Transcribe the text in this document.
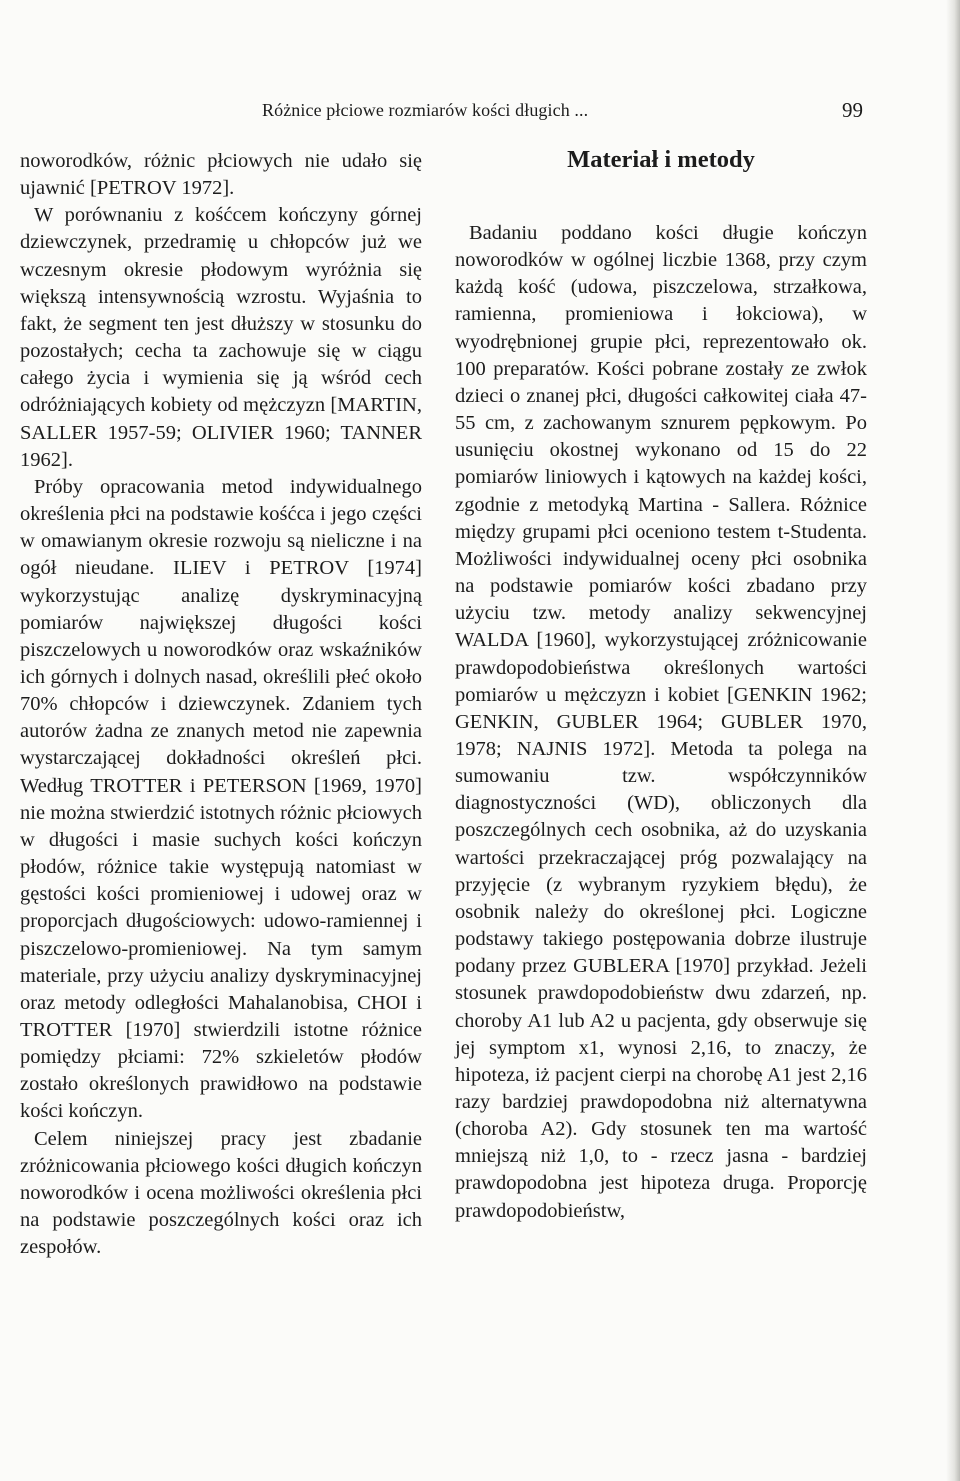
Różnice płciowe rozmiarów kości długich ...	99

noworodków, różnic płciowych nie udało się ujawnić [PETROV 1972].

W porównaniu z kośćcem kończyny górnej dziewczynek, przedramię u chłopców już we wczesnym okresie płodowym wyróżnia się większą intensywnością wzrostu. Wyjaśnia to fakt, że segment ten jest dłuższy w stosunku do pozostałych; cecha ta zachowuje się w ciągu całego życia i wymienia się ją wśród cech odróżniających kobiety od mężczyzn [MARTIN, SALLER 1957-59; OLIVIER 1960; TANNER 1962].

Próby opracowania metod indywidualnego określenia płci na podstawie kośćca i jego części w omawianym okresie rozwoju są nieliczne i na ogół nieudane. ILIEV i PETROV [1974] wykorzystując analizę dyskryminacyjną pomiarów największej długości kości piszczelowych u noworodków oraz wskaźników ich górnych i dolnych nasad, określili płeć około 70% chłopców i dziewczynek. Zdaniem tych autorów żadna ze znanych metod nie zapewnia wystarczającej dokładności określeń płci. Według TROTTER i PETERSON [1969, 1970] nie można stwierdzić istotnych różnic płciowych w długości i masie suchych kości kończyn płodów, różnice takie występują natomiast w gęstości kości promieniowej i udowej oraz w proporcjach długościowych: udowo-ramiennej i piszczelowo-promieniowej. Na tym samym materiale, przy użyciu analizy dyskryminacyjnej oraz metody odległości Mahalanobisa, CHOI i TROTTER [1970] stwierdzili istotne różnice pomiędzy płciami: 72% szkieletów płodów zostało określonych prawidłowo na podstawie kości kończyn.

Celem niniejszej pracy jest zbadanie zróżnicowania płciowego kości długich kończyn noworodków i ocena możliwości określenia płci na podstawie poszczególnych kości oraz ich zespołów.

Materiał i metody

Badaniu poddano kości długie kończyn noworodków w ogólnej liczbie 1368, przy czym każdą kość (udowa, piszczelowa, strzałkowa, ramienna, promieniowa i łokciowa), w wyodrębnionej grupie płci, reprezentowało ok. 100 preparatów. Kości pobrane zostały ze zwłok dzieci o znanej płci, długości całkowitej ciała 47-55 cm, z zachowanym sznurem pępkowym. Po usunięciu okostnej wykonano od 15 do 22 pomiarów liniowych i kątowych na każdej kości, zgodnie z metodyką Martina - Sallera. Różnice między grupami płci oceniono testem t-Studenta. Możliwości indywidualnej oceny płci osobnika na podstawie pomiarów kości zbadano przy użyciu tzw. metody analizy sekwencyjnej WALDA [1960], wykorzystującej zróżnicowanie prawdopodobieństwa określonych wartości pomiarów u mężczyzn i kobiet [GENKIN 1962; GENKIN, GUBLER 1964; GUBLER 1970, 1978; NAJNIS 1972]. Metoda ta polega na sumowaniu tzw. współczynników diagnostyczności (WD), obliczonych dla poszczególnych cech osobnika, aż do uzyskania wartości przekraczającej próg pozwalający na przyjęcie (z wybranym ryzykiem błędu), że osobnik należy do określonej płci. Logiczne podstawy takiego postępowania dobrze ilustruje podany przez GUBLERA [1970] przykład. Jeżeli stosunek prawdopodobieństw dwu zdarzeń, np. choroby A1 lub A2 u pacjenta, gdy obserwuje się jej symptom x1, wynosi 2,16, to znaczy, że hipoteza, iż pacjent cierpi na chorobę A1 jest 2,16 razy bardziej prawdopodobna niż alternatywna (choroba A2). Gdy stosunek ten ma wartość mniejszą niż 1,0, to - rzecz jasna - bardziej prawdopodobna jest hipoteza druga. Proporcję prawdopodobieństw,
